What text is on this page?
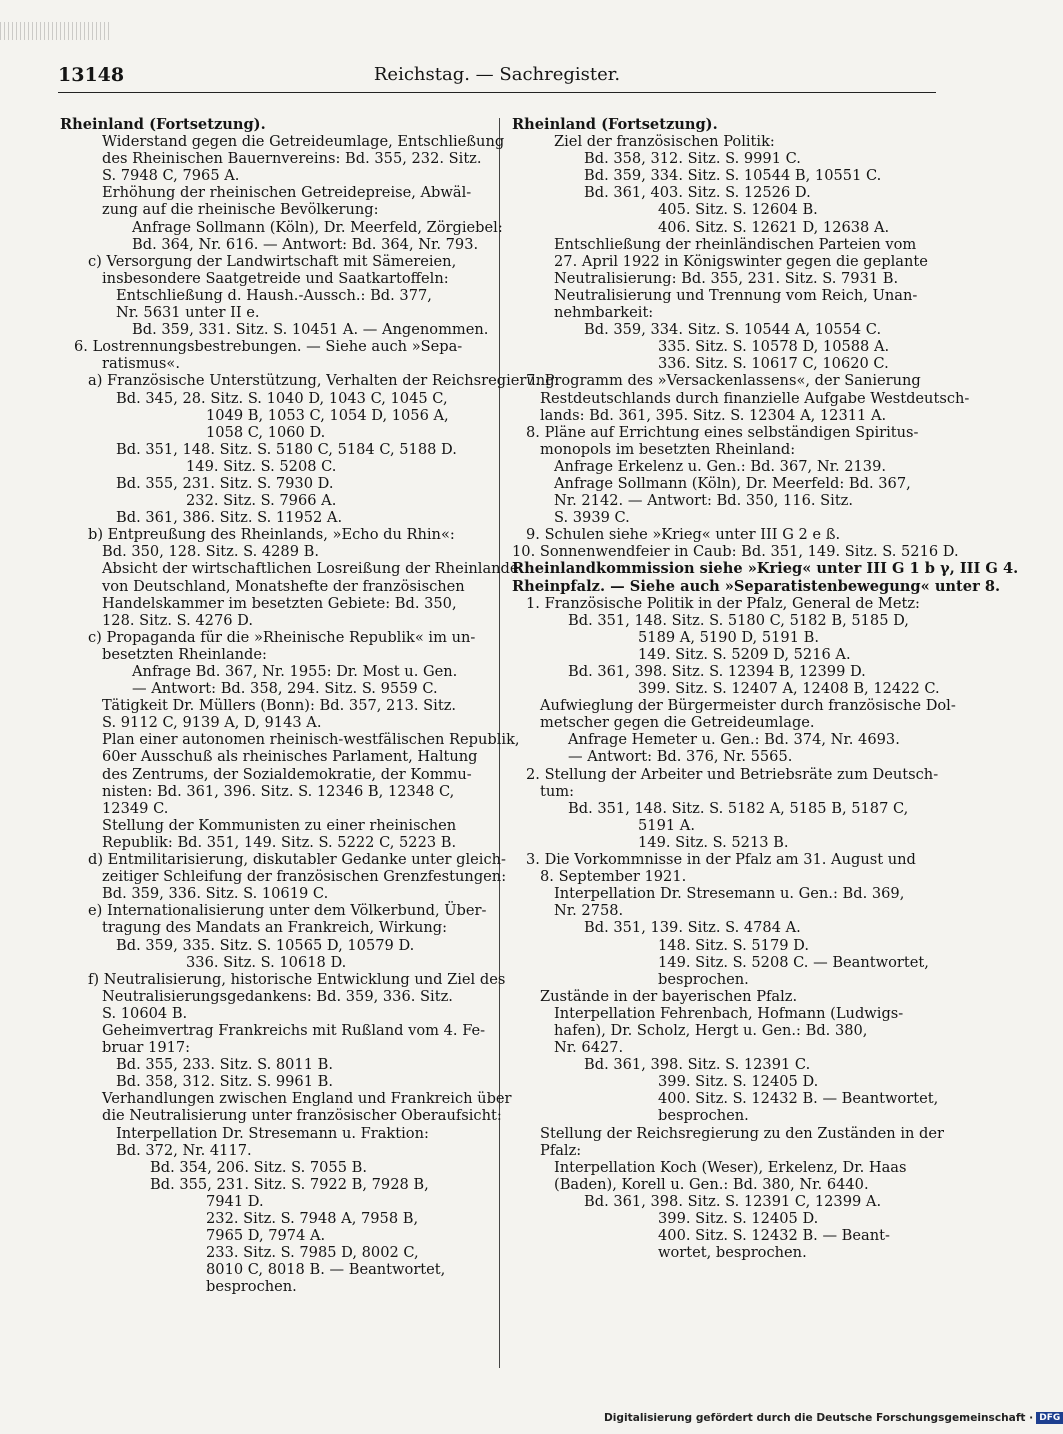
13148	Reichstag. — Sachregister.
Rheinland (Fortsetzung).
Widerstand gegen die Getreideumlage, Entschließung
des Rheinischen Bauernvereins: Bd. 355, 232. Sitz.
S. 7948 C, 7965 A.
Erhöhung der rheinischen Getreidepreise, Abwäl-
zung auf die rheinische Bevölkerung:
Anfrage Sollmann (Köln), Dr. Meerfeld, Zörgiebel:
Bd. 364, Nr. 616. — Antwort: Bd. 364, Nr. 793.
c) Versorgung der Landwirtschaft mit Sämereien,
insbesondere Saatgetreide und Saatkartoffeln:
Entschließung d. Haush.-Aussch.: Bd. 377,
Nr. 5631 unter II e.
Bd. 359, 331. Sitz. S. 10451 A. — Angenommen.
6. Lostrennungsbestrebungen. — Siehe auch »Sepa-
ratismus«.
a) Französische Unterstützung, Verhalten der Reichsregierung:
Bd. 345, 28. Sitz. S. 1040 D, 1043 C, 1045 C,
1049 B, 1053 C, 1054 D, 1056 A,
1058 C, 1060 D.
Bd. 351, 148. Sitz. S. 5180 C, 5184 C, 5188 D.
149. Sitz. S. 5208 C.
Bd. 355, 231. Sitz. S. 7930 D.
232. Sitz. S. 7966 A.
Bd. 361, 386. Sitz. S. 11952 A.
b) Entpreußung des Rheinlands, »Echo du Rhin«:
Bd. 350, 128. Sitz. S. 4289 B.
Absicht der wirtschaftlichen Losreißung der Rheinlande
von Deutschland, Monatshefte der französischen
Handelskammer im besetzten Gebiete: Bd. 350,
128. Sitz. S. 4276 D.
c) Propaganda für die »Rheinische Republik« im un-
besetzten Rheinlande:
Anfrage Bd. 367, Nr. 1955: Dr. Most u. Gen.
— Antwort: Bd. 358, 294. Sitz. S. 9559 C.
Tätigkeit Dr. Müllers (Bonn): Bd. 357, 213. Sitz.
S. 9112 C, 9139 A, D, 9143 A.
Plan einer autonomen rheinisch-westfälischen Republik,
60er Ausschuß als rheinisches Parlament, Haltung
des Zentrums, der Sozialdemokratie, der Kommu-
nisten: Bd. 361, 396. Sitz. S. 12346 B, 12348 C,
12349 C.
Stellung der Kommunisten zu einer rheinischen
Republik: Bd. 351, 149. Sitz. S. 5222 C, 5223 B.
d) Entmilitarisierung, diskutabler Gedanke unter gleich-
zeitiger Schleifung der französischen Grenzfestungen:
Bd. 359, 336. Sitz. S. 10619 C.
e) Internationalisierung unter dem Völkerbund, Über-
tragung des Mandats an Frankreich, Wirkung:
Bd. 359, 335. Sitz. S. 10565 D, 10579 D.
336. Sitz. S. 10618 D.
f) Neutralisierung, historische Entwicklung und Ziel des
Neutralisierungsgedankens: Bd. 359, 336. Sitz.
S. 10604 B.
Geheimvertrag Frankreichs mit Rußland vom 4. Fe-
bruar 1917:
Bd. 355, 233. Sitz. S. 8011 B.
Bd. 358, 312. Sitz. S. 9961 B.
Verhandlungen zwischen England und Frankreich über
die Neutralisierung unter französischer Oberaufsicht:
Interpellation Dr. Stresemann u. Fraktion:
Bd. 372, Nr. 4117.
Bd. 354, 206. Sitz. S. 7055 B.
Bd. 355, 231. Sitz. S. 7922 B, 7928 B,
7941 D.
232. Sitz. S. 7948 A, 7958 B,
7965 D, 7974 A.
233. Sitz. S. 7985 D, 8002 C,
8010 C, 8018 B. — Beantwortet,
besprochen.
Rheinland (Fortsetzung).
Ziel der französischen Politik:
Bd. 358, 312. Sitz. S. 9991 C.
Bd. 359, 334. Sitz. S. 10544 B, 10551 C.
Bd. 361, 403. Sitz. S. 12526 D.
405. Sitz. S. 12604 B.
406. Sitz. S. 12621 D, 12638 A.
Entschließung der rheinländischen Parteien vom
27. April 1922 in Königswinter gegen die geplante
Neutralisierung: Bd. 355, 231. Sitz. S. 7931 B.
Neutralisierung und Trennung vom Reich, Unan-
nehmbarkeit:
Bd. 359, 334. Sitz. S. 10544 A, 10554 C.
335. Sitz. S. 10578 D, 10588 A.
336. Sitz. S. 10617 C, 10620 C.
7. Programm des »Versackenlassens«, der Sanierung
Restdeutschlands durch finanzielle Aufgabe Westdeutsch-
lands: Bd. 361, 395. Sitz. S. 12304 A, 12311 A.
8. Pläne auf Errichtung eines selbständigen Spiritus-
monopols im besetzten Rheinland:
Anfrage Erkelenz u. Gen.: Bd. 367, Nr. 2139.
Anfrage Sollmann (Köln), Dr. Meerfeld: Bd. 367,
Nr. 2142. — Antwort: Bd. 350, 116. Sitz.
S. 3939 C.
9. Schulen siehe »Krieg« unter III G 2 e ß.
10. Sonnenwendfeier in Caub: Bd. 351, 149. Sitz. S. 5216 D.
Rheinlandkommission siehe »Krieg« unter III G 1 b γ, III G 4.
Rheinpfalz. — Siehe auch »Separatistenbewegung« unter 8.
1. Französische Politik in der Pfalz, General de Metz:
Bd. 351, 148. Sitz. S. 5180 C, 5182 B, 5185 D,
5189 A, 5190 D, 5191 B.
149. Sitz. S. 5209 D, 5216 A.
Bd. 361, 398. Sitz. S. 12394 B, 12399 D.
399. Sitz. S. 12407 A, 12408 B, 12422 C.
Aufwieglung der Bürgermeister durch französische Dol-
metscher gegen die Getreideumlage.
Anfrage Hemeter u. Gen.: Bd. 374, Nr. 4693.
— Antwort: Bd. 376, Nr. 5565.
2. Stellung der Arbeiter und Betriebsräte zum Deutsch-
tum:
Bd. 351, 148. Sitz. S. 5182 A, 5185 B, 5187 C,
5191 A.
149. Sitz. S. 5213 B.
3. Die Vorkommnisse in der Pfalz am 31. August und
8. September 1921.
Interpellation Dr. Stresemann u. Gen.: Bd. 369,
Nr. 2758.
Bd. 351, 139. Sitz. S. 4784 A.
148. Sitz. S. 5179 D.
149. Sitz. S. 5208 C. — Beantwortet,
besprochen.
Zustände in der bayerischen Pfalz.
Interpellation Fehrenbach, Hofmann (Ludwigs-
hafen), Dr. Scholz, Hergt u. Gen.: Bd. 380,
Nr. 6427.
Bd. 361, 398. Sitz. S. 12391 C.
399. Sitz. S. 12405 D.
400. Sitz. S. 12432 B. — Beantwortet,
besprochen.
Stellung der Reichsregierung zu den Zuständen in der
Pfalz:
Interpellation Koch (Weser), Erkelenz, Dr. Haas
(Baden), Korell u. Gen.: Bd. 380, Nr. 6440.
Bd. 361, 398. Sitz. S. 12391 C, 12399 A.
399. Sitz. S. 12405 D.
400. Sitz. S. 12432 B. — Beant-
wortet, besprochen.
Digitalisierung gefördert durch die Deutsche Forschungsgemeinschaft · DFG
